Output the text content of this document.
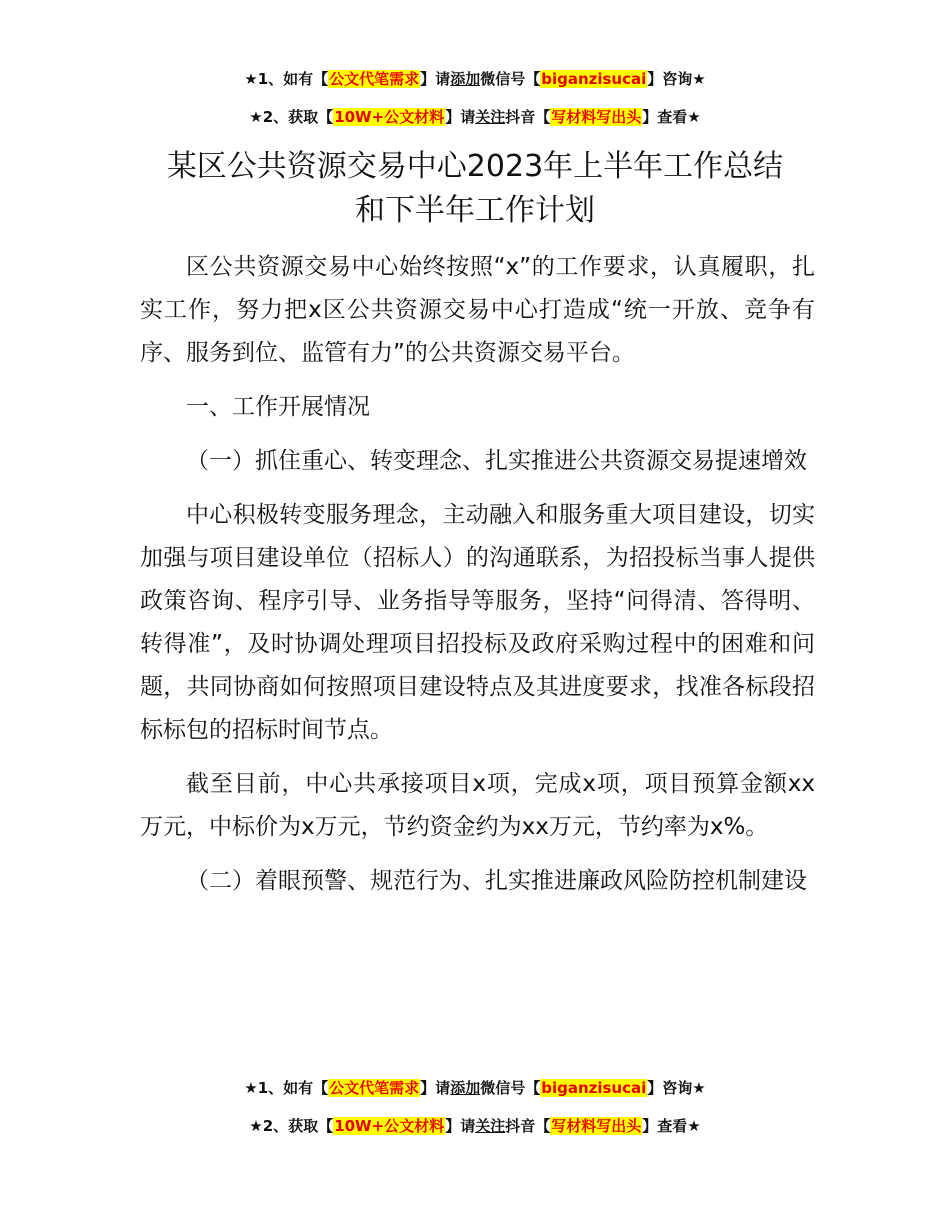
★1、如有【公文代笔需求】请添加微信号【biganzisucai】咨询★
★2、获取【10W+公文材料】请关注抖音【写材料写出头】查看★
某区公共资源交易中心2023年上半年工作总结
和下半年工作计划

区公共资源交易中心始终按照“x”的工作要求，认真履职，扎实工作，努力把x区公共资源交易中心打造成“统一开放、竞争有序、服务到位、监管有力”的公共资源交易平台。

一、工作开展情况

（一）抓住重心、转变理念、扎实推进公共资源交易提速增效

中心积极转变服务理念，主动融入和服务重大项目建设，切实加强与项目建设单位（招标人）的沟通联系，为招投标当事人提供政策咨询、程序引导、业务指导等服务，坚持“问得清、答得明、转得准”，及时协调处理项目招投标及政府采购过程中的困难和问题，共同协商如何按照项目建设特点及其进度要求，找准各标段招标标包的招标时间节点。

截至目前，中心共承接项目x项，完成x项，项目预算金额xx万元，中标价为x万元，节约资金约为xx万元，节约率为x%。

（二）着眼预警、规范行为、扎实推进廉政风险防控机制建设

★1、如有【公文代笔需求】请添加微信号【biganzisucai】咨询★
★2、获取【10W+公文材料】请关注抖音【写材料写出头】查看★
